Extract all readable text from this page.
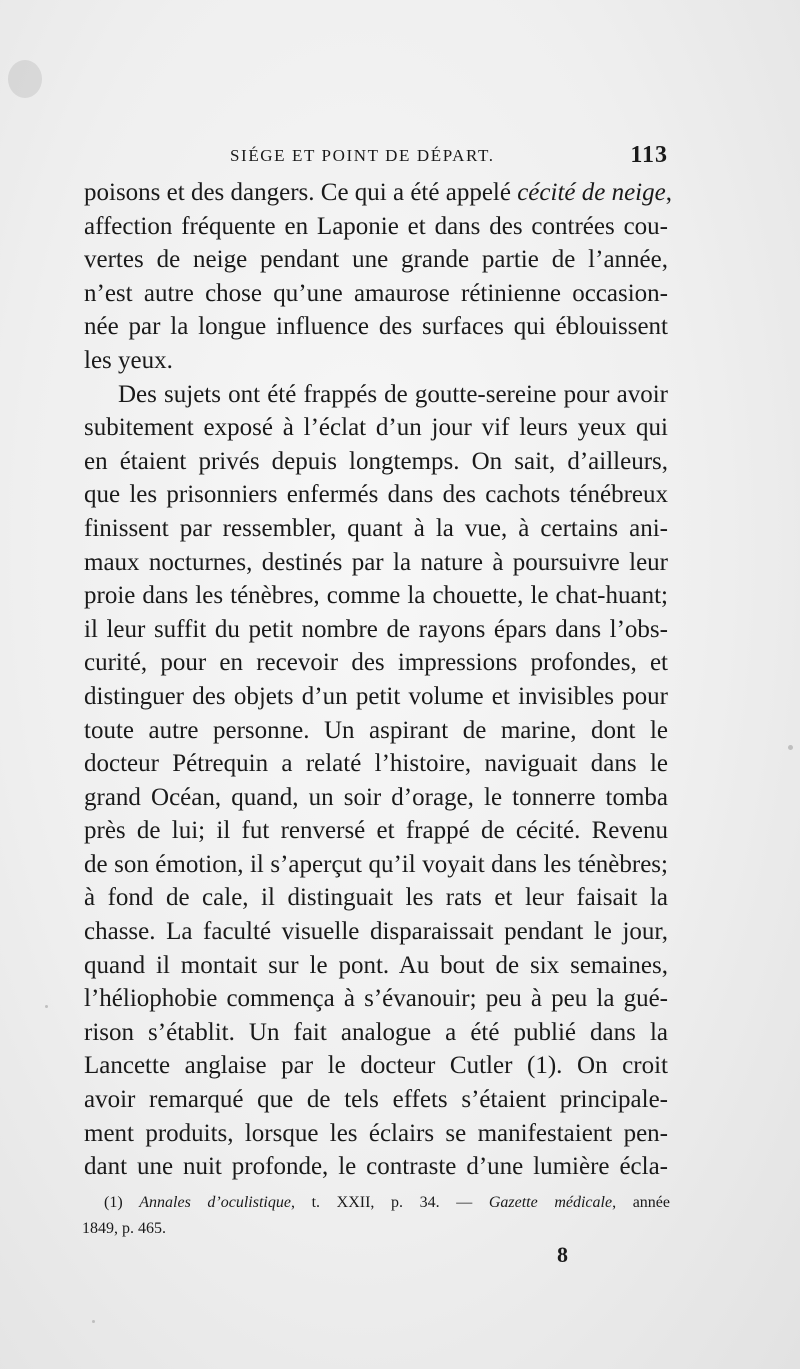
SIÉGE ET POINT DE DÉPART.	113
poisons et des dangers. Ce qui a été appelé cécité de neige,
affection fréquente en Laponie et dans des contrées cou-
vertes de neige pendant une grande partie de l’année,
n’est autre chose qu’une amaurose rétinienne occasion-
née par la longue influence des surfaces qui éblouissent
les yeux.
Des sujets ont été frappés de goutte-sereine pour avoir
subitement exposé à l’éclat d’un jour vif leurs yeux qui
en étaient privés depuis longtemps. On sait, d’ailleurs,
que les prisonniers enfermés dans des cachots ténébreux
finissent par ressembler, quant à la vue, à certains ani-
maux nocturnes, destinés par la nature à poursuivre leur
proie dans les ténèbres, comme la chouette, le chat-huant;
il leur suffit du petit nombre de rayons épars dans l’obs-
curité, pour en recevoir des impressions profondes, et
distinguer des objets d’un petit volume et invisibles pour
toute autre personne. Un aspirant de marine, dont le
docteur Pétrequin a relaté l’histoire, naviguait dans le
grand Océan, quand, un soir d’orage, le tonnerre tomba
près de lui; il fut renversé et frappé de cécité. Revenu
de son émotion, il s’aperçut qu’il voyait dans les ténèbres;
à fond de cale, il distinguait les rats et leur faisait la
chasse. La faculté visuelle disparaissait pendant le jour,
quand il montait sur le pont. Au bout de six semaines,
l’héliophobie commença à s’évanouir; peu à peu la gué-
rison s’établit. Un fait analogue a été publié dans la
Lancette anglaise par le docteur Cutler (1). On croit
avoir remarqué que de tels effets s’étaient principale-
ment produits, lorsque les éclairs se manifestaient pen-
dant une nuit profonde, le contraste d’une lumière écla-
(1) Annales d’oculistique, t. XXII, p. 34. — Gazette médicale, année
1849, p. 465.
8
